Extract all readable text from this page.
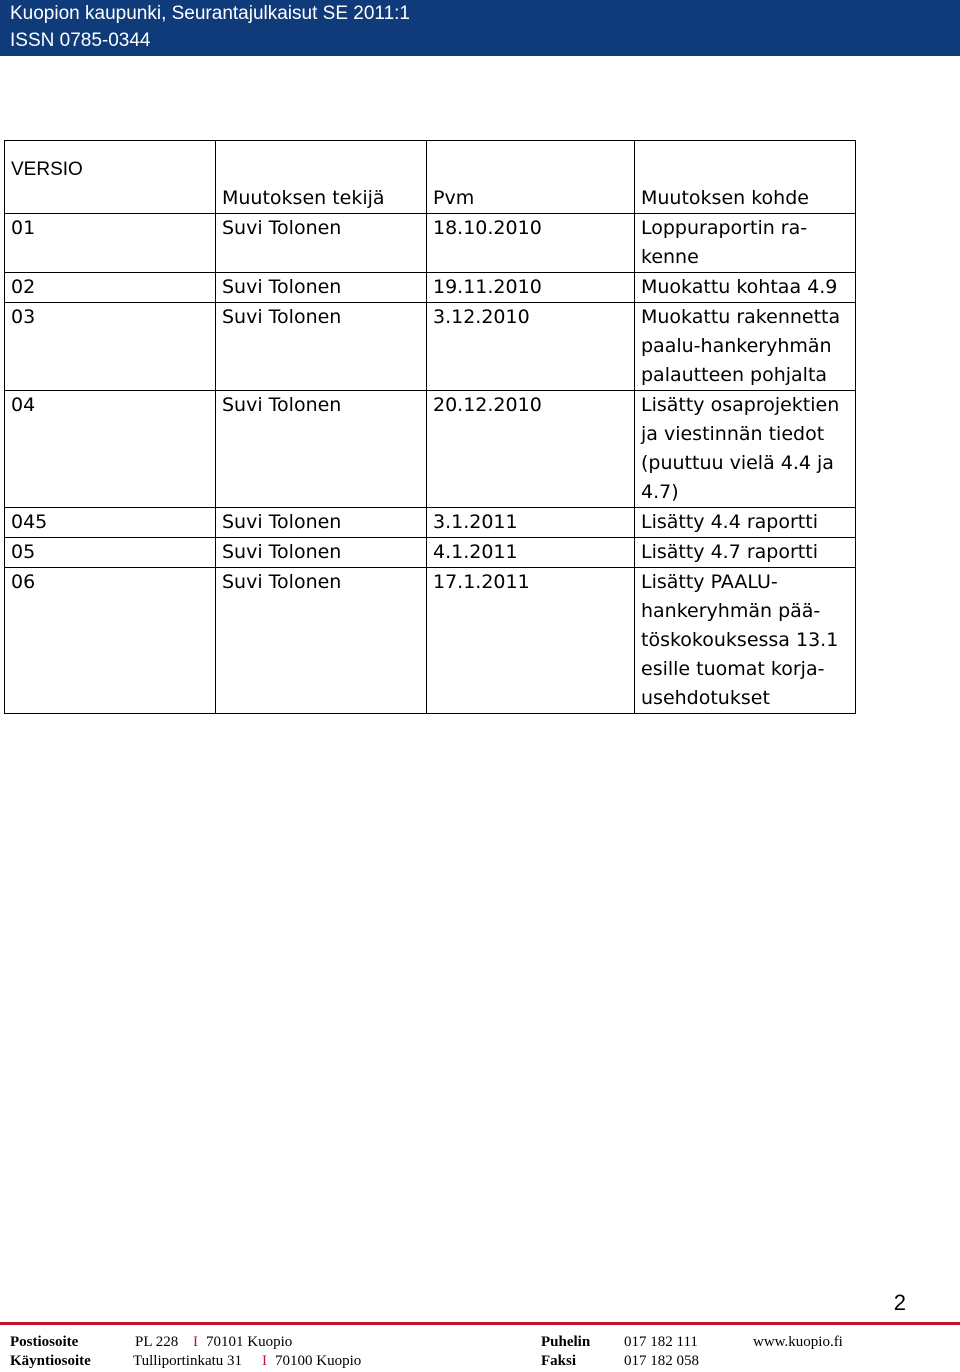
Kuopion kaupunki, Seurantajulkaisut SE 2011:1
ISSN 0785-0344
VERSIO	Muutoksen tekijä	Pvm	Muutoksen kohde
01	Suvi Tolonen	18.10.2010	Loppuraportin ra-
kenne

02	Suvi Tolonen	19.11.2010	Muokattu kohtaa 4.9

03	Suvi Tolonen	3.12.2010	Muokattu rakennetta
paalu-hankeryhmän
palautteen pohjalta

04	Suvi Tolonen	20.12.2010	Lisätty osaprojektien
ja viestinnän tiedot
(puuttuu vielä 4.4 ja
4.7)

045	Suvi Tolonen	3.1.2011	Lisätty 4.4 raportti

05	Suvi Tolonen	4.1.2011	Lisätty 4.7 raportti

06	Suvi Tolonen	17.1.2011	Lisätty PAALU-
hankeryhmän pää-
töskokouksessa 13.1
esille tuomat korja-
usehdotukset
2
Postiosoite	PL 228 I 70101 Kuopio	Puhelin 017 182 111	www.kuopio.fi
Käyntiosoite	Tulliportinkatu 31 I 70100 Kuopio	Faksi	017 182 058
